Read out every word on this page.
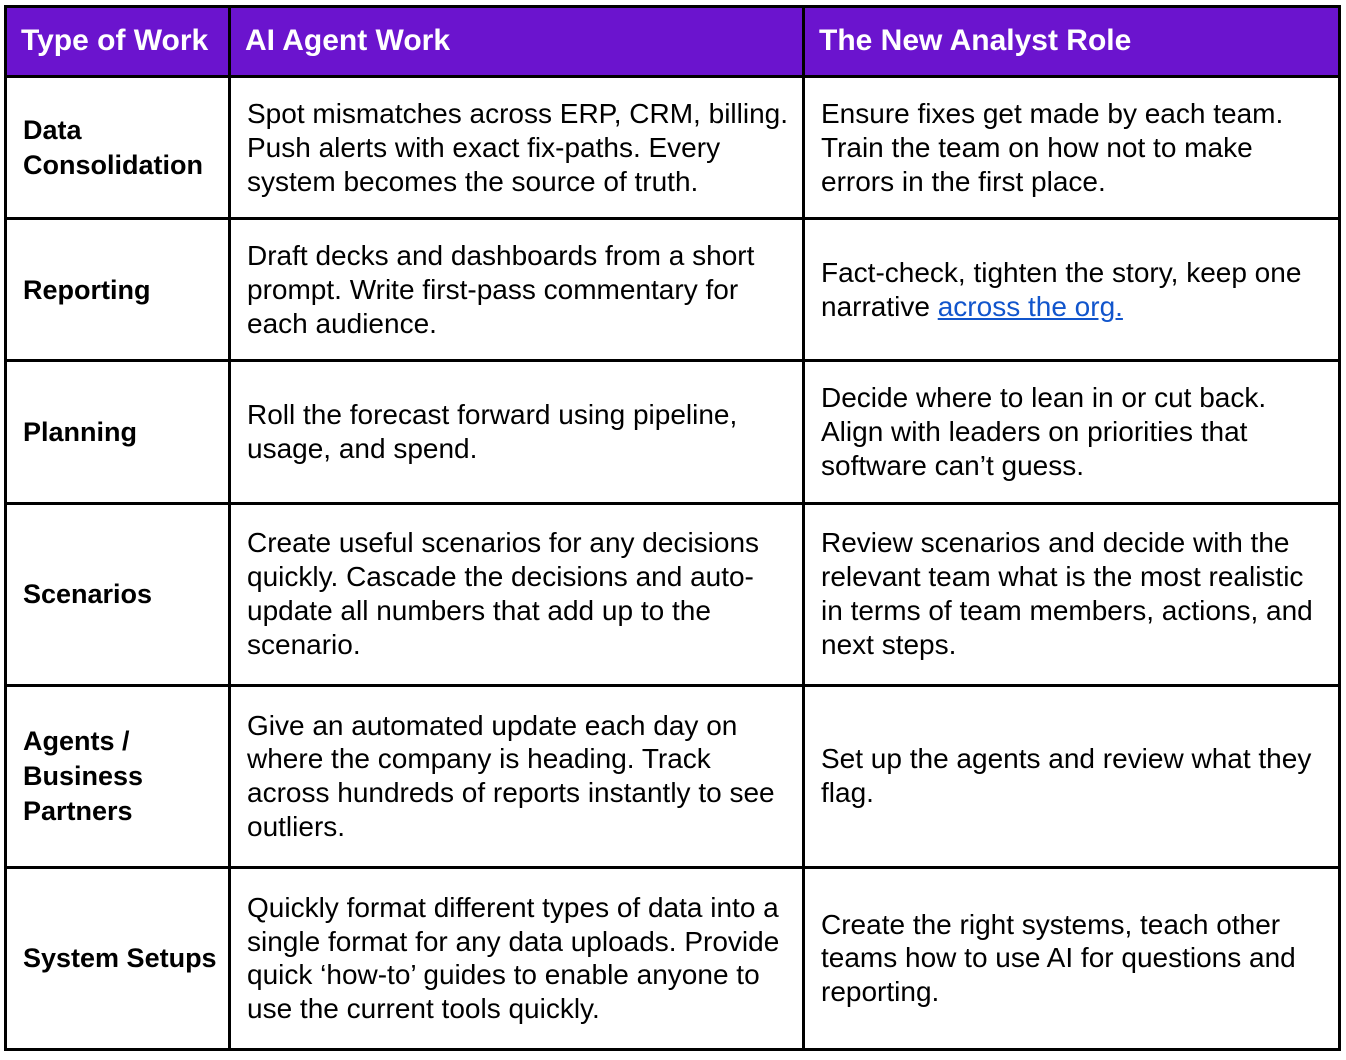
Type of Work	AI Agent Work	The New Analyst Role
Data Consolidation	Spot mismatches across ERP, CRM, billing. Push alerts with exact fix-paths. Every system becomes the source of truth.	Ensure fixes get made by each team. Train the team on how not to make errors in the first place.
Reporting	Draft decks and dashboards from a short prompt. Write first-pass commentary for each audience.	Fact-check, tighten the story, keep one narrative across the org.
Planning	Roll the forecast forward using pipeline, usage, and spend.	Decide where to lean in or cut back. Align with leaders on priorities that software can’t guess.
Scenarios	Create useful scenarios for any decisions quickly. Cascade the decisions and auto-update all numbers that add up to the scenario.	Review scenarios and decide with the relevant team what is the most realistic in terms of team members, actions, and next steps.
Agents / Business Partners	Give an automated update each day on where the company is heading. Track across hundreds of reports instantly to see outliers.	Set up the agents and review what they flag.
System Setups	Quickly format different types of data into a single format for any data uploads. Provide quick ‘how-to’ guides to enable anyone to use the current tools quickly.	Create the right systems, teach other teams how to use AI for questions and reporting.
